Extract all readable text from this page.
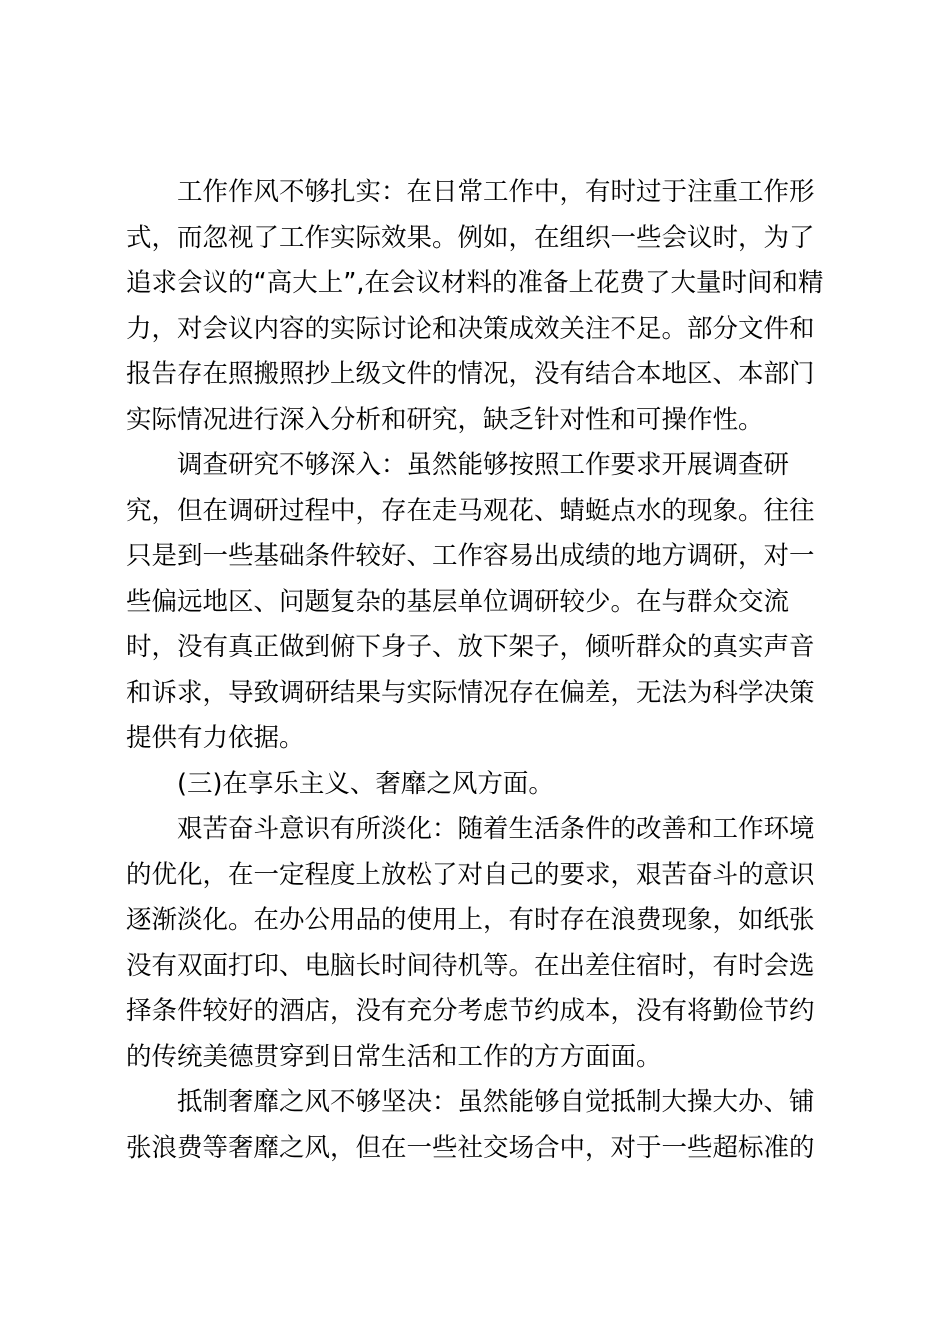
工作作风不够扎实：在日常工作中，有时过于注重工作形
式，而忽视了工作实际效果。例如，在组织一些会议时，为了
追求会议的“高大上”,在会议材料的准备上花费了大量时间和精
力，对会议内容的实际讨论和决策成效关注不足。部分文件和
报告存在照搬照抄上级文件的情况，没有结合本地区、本部门
实际情况进行深入分析和研究，缺乏针对性和可操作性。
调查研究不够深入：虽然能够按照工作要求开展调查研
究，但在调研过程中，存在走马观花、蜻蜓点水的现象。往往
只是到一些基础条件较好、工作容易出成绩的地方调研，对一
些偏远地区、问题复杂的基层单位调研较少。在与群众交流
时，没有真正做到俯下身子、放下架子，倾听群众的真实声音
和诉求，导致调研结果与实际情况存在偏差，无法为科学决策
提供有力依据。
(三)在享乐主义、奢靡之风方面。
艰苦奋斗意识有所淡化：随着生活条件的改善和工作环境
的优化，在一定程度上放松了对自己的要求，艰苦奋斗的意识
逐渐淡化。在办公用品的使用上，有时存在浪费现象，如纸张
没有双面打印、电脑长时间待机等。在出差住宿时，有时会选
择条件较好的酒店，没有充分考虑节约成本，没有将勤俭节约
的传统美德贯穿到日常生活和工作的方方面面。
抵制奢靡之风不够坚决：虽然能够自觉抵制大操大办、铺
张浪费等奢靡之风，但在一些社交场合中，对于一些超标准的
